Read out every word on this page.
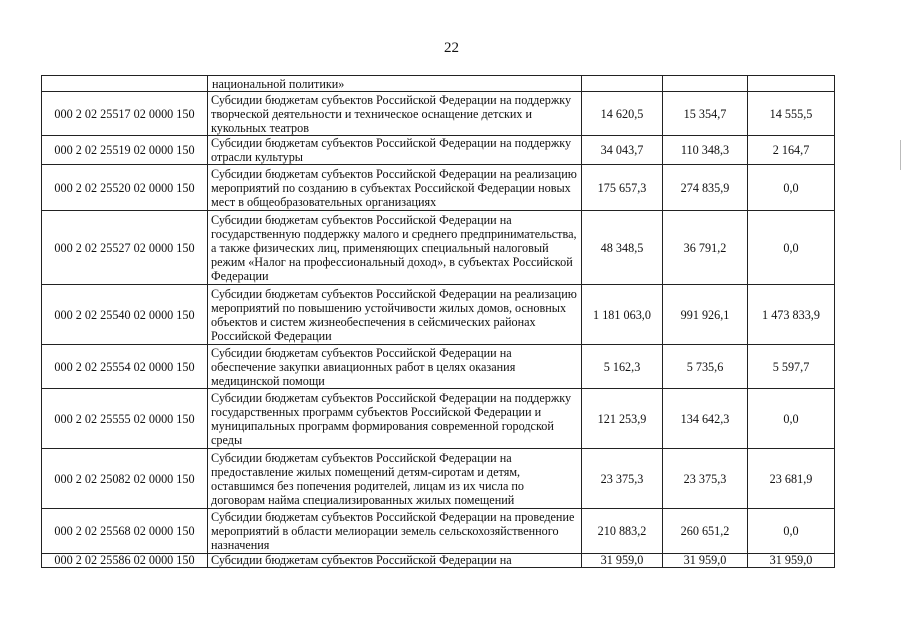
22
	национальной политики»			
000 2 02 25517 02 0000 150	Субсидии бюджетам субъектов Российской Федерации на поддержку творческой деятельности и техническое оснащение детских и кукольных театров	14 620,5	15 354,7	14 555,5
000 2 02 25519 02 0000 150	Субсидии бюджетам субъектов Российской Федерации на поддержку отрасли культуры	34 043,7	110 348,3	2 164,7
000 2 02 25520 02 0000 150	Субсидии бюджетам субъектов Российской Федерации на реализацию мероприятий по созданию в субъектах Российской Федерации новых мест в общеобразовательных организациях	175 657,3	274 835,9	0,0
000 2 02 25527 02 0000 150	Субсидии бюджетам субъектов Российской Федерации на государственную поддержку малого и среднего предпринимательства, а также физических лиц, применяющих специальный налоговый режим «Налог на профессиональный доход», в субъектах Российской Федерации	48 348,5	36 791,2	0,0
000 2 02 25540 02 0000 150	Субсидии бюджетам субъектов Российской Федерации на реализацию мероприятий по повышению устойчивости жилых домов, основных объектов и систем жизнеобеспечения в сейсмических районах Российской Федерации	1 181 063,0	991 926,1	1 473 833,9
000 2 02 25554 02 0000 150	Субсидии бюджетам субъектов Российской Федерации на обеспечение закупки авиационных работ в целях оказания медицинской помощи	5 162,3	5 735,6	5 597,7
000 2 02 25555 02 0000 150	Субсидии бюджетам субъектов Российской Федерации на поддержку государственных программ субъектов Российской Федерации и муниципальных программ формирования современной городской среды	121 253,9	134 642,3	0,0
000 2 02 25082 02 0000 150	Субсидии бюджетам субъектов Российской Федерации на предоставление жилых помещений детям-сиротам и детям, оставшимся без попечения родителей, лицам из их числа по договорам найма специализированных жилых помещений	23 375,3	23 375,3	23 681,9
000 2 02 25568 02 0000 150	Субсидии бюджетам субъектов Российской Федерации на проведение мероприятий в области мелиорации земель сельскохозяйственного назначения	210 883,2	260 651,2	0,0
000 2 02 25586 02 0000 150	Субсидии бюджетам субъектов Российской Федерации на	31 959,0	31 959,0	31 959,0
